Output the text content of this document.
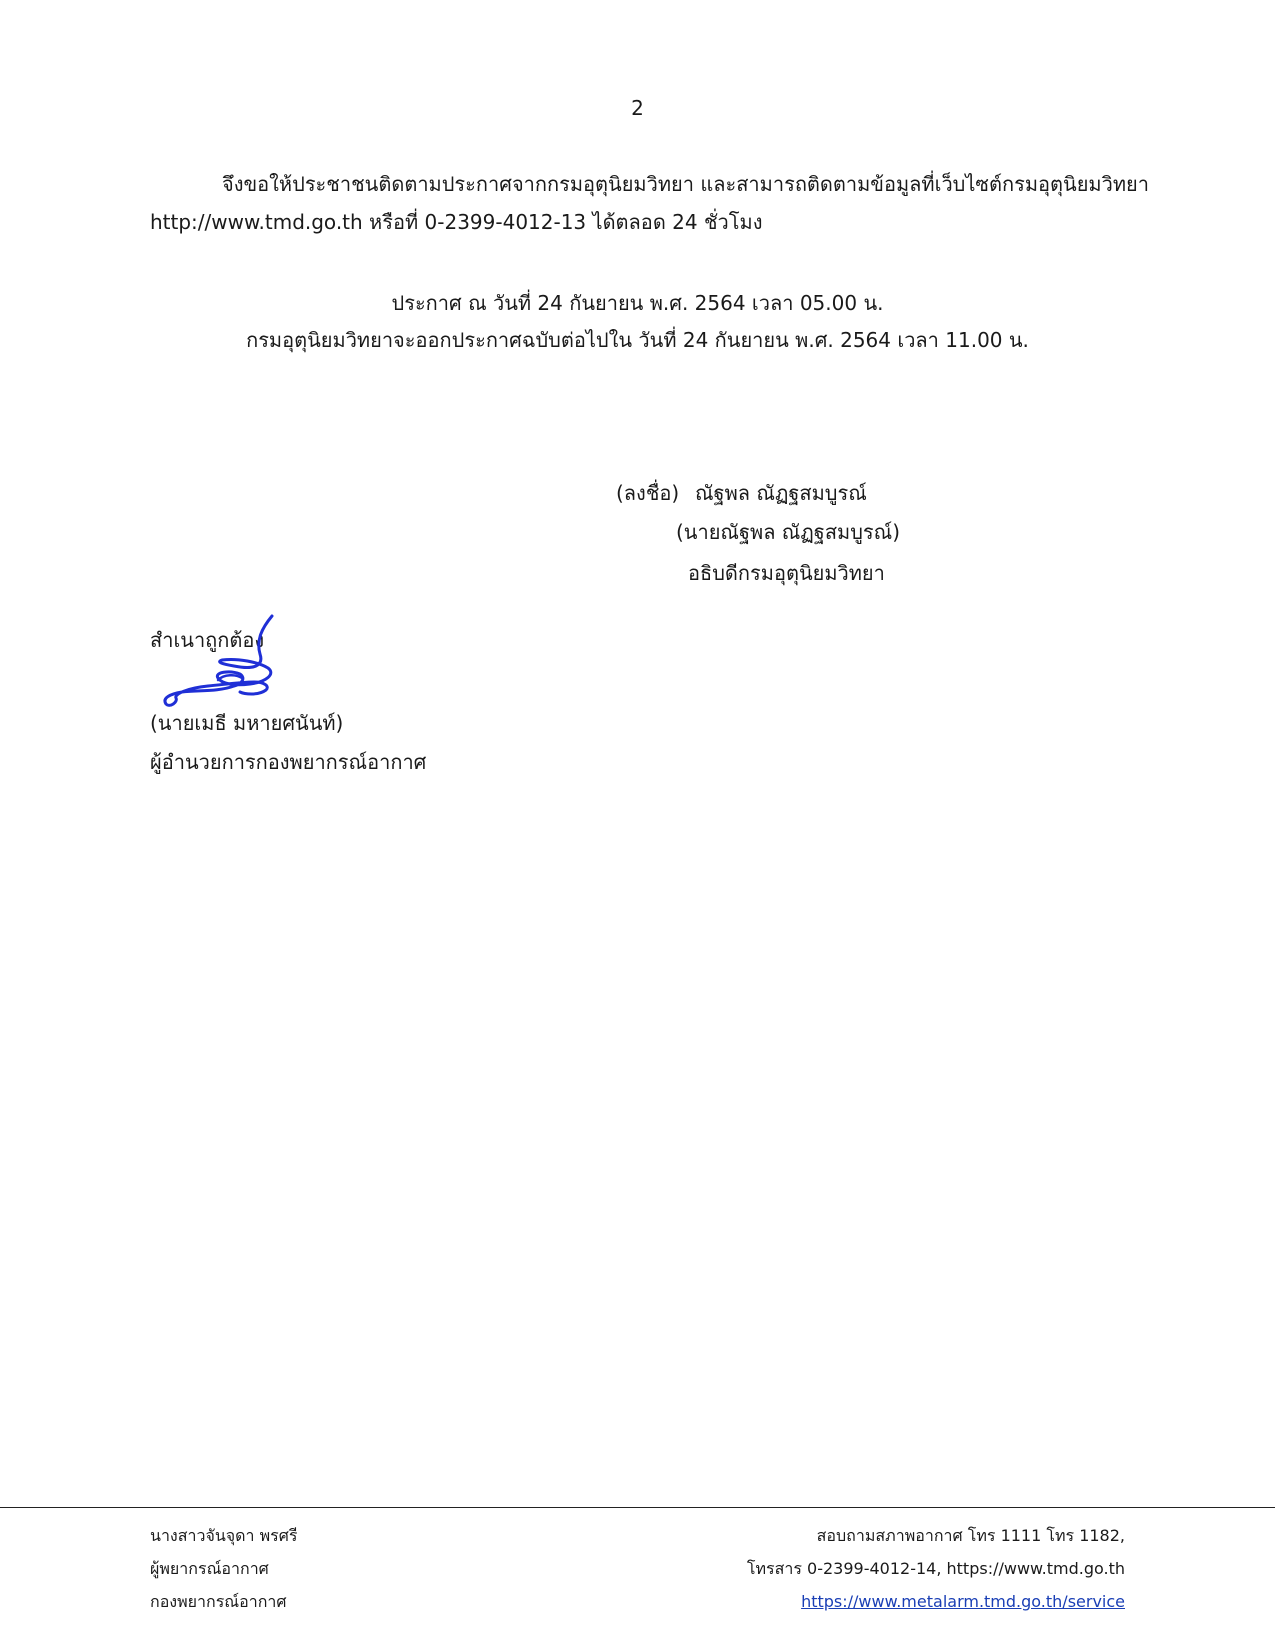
2
จึงขอให้ประชาชนติดตามประกาศจากกรมอุตุนิยมวิทยา และสามารถติดตามข้อมูลที่เว็บไซต์กรมอุตุนิยมวิทยา
http://www.tmd.go.th หรือที่ 0-2399-4012-13 ได้ตลอด 24 ชั่วโมง
ประกาศ ณ วันที่ 24 กันยายน พ.ศ. 2564 เวลา 05.00 น.
กรมอุตุนิยมวิทยาจะออกประกาศฉบับต่อไปใน วันที่ 24 กันยายน พ.ศ. 2564 เวลา 11.00 น.
(ลงชื่อ) ณัฐพล ณัฏฐสมบูรณ์
(นายณัฐพล ณัฏฐสมบูรณ์)
อธิบดีกรมอุตุนิยมวิทยา
สำเนาถูกต้อง
(นายเมธี มหายศนันท์)
ผู้อำนวยการกองพยากรณ์อากาศ
นางสาวจันจุดา พรศรี
ผู้พยากรณ์อากาศ
กองพยากรณ์อากาศ
สอบถามสภาพอากาศ โทร 1111 โทร 1182,
โทรสาร 0-2399-4012-14, https://www.tmd.go.th
https://www.metalarm.tmd.go.th/service
